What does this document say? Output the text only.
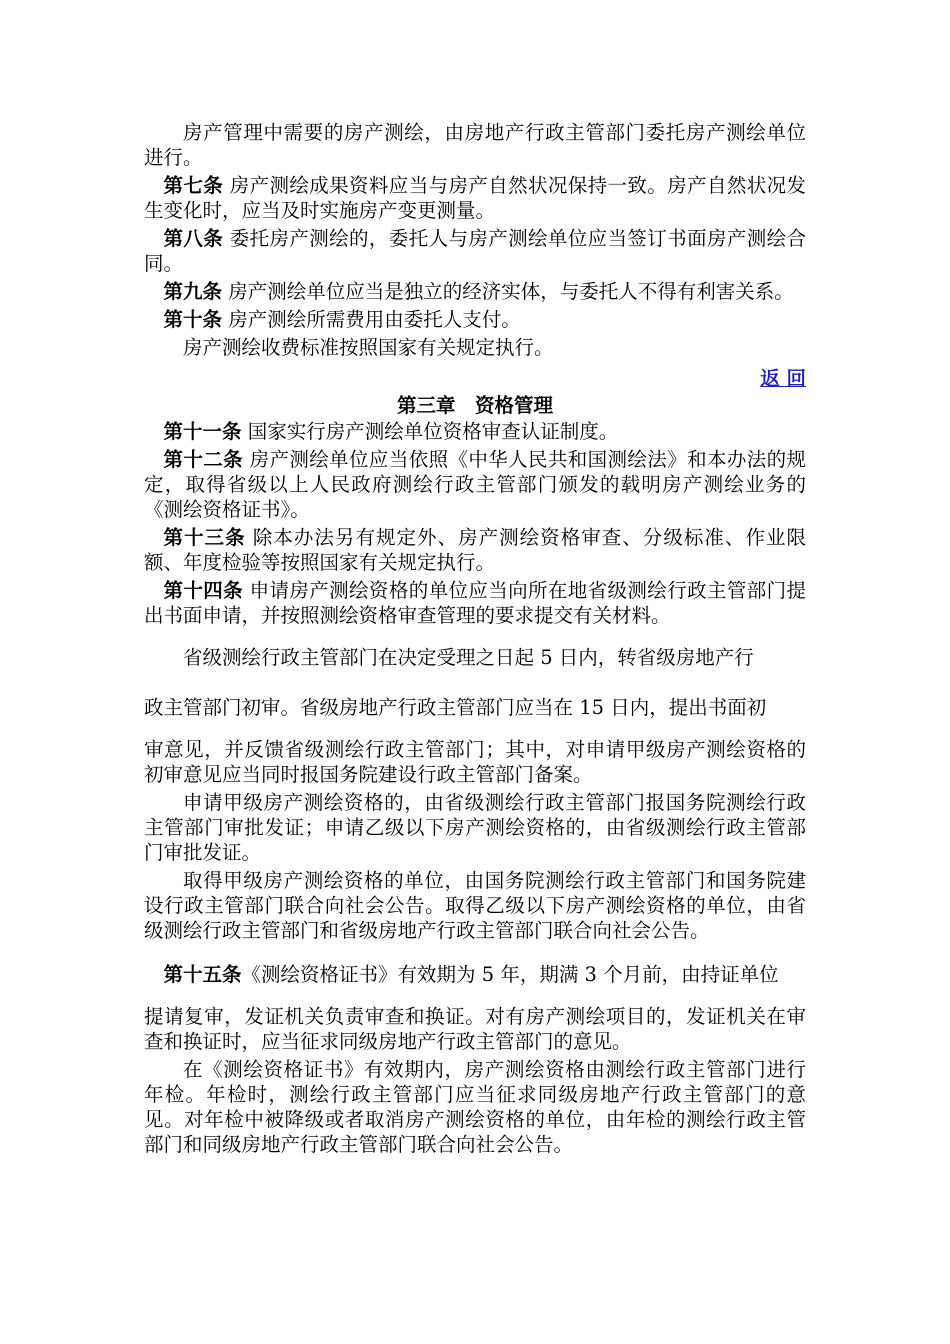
房产管理中需要的房产测绘，由房地产行政主管部门委托房产测绘单位进行。

第七条 房产测绘成果资料应当与房产自然状况保持一致。房产自然状况发生变化时，应当及时实施房产变更测量。

第八条 委托房产测绘的，委托人与房产测绘单位应当签订书面房产测绘合同。

第九条 房产测绘单位应当是独立的经济实体，与委托人不得有利害关系。

第十条 房产测绘所需费用由委托人支付。

房产测绘收费标准按照国家有关规定执行。

返 回
第三章　资格管理

第十一条 国家实行房产测绘单位资格审查认证制度。

第十二条 房产测绘单位应当依照《中华人民共和国测绘法》和本办法的规定，取得省级以上人民政府测绘行政主管部门颁发的载明房产测绘业务的《测绘资格证书》。

第十三条 除本办法另有规定外、房产测绘资格审查、分级标准、作业限额、年度检验等按照国家有关规定执行。

第十四条 申请房产测绘资格的单位应当向所在地省级测绘行政主管部门提出书面申请，并按照测绘资格审查管理的要求提交有关材料。

省级测绘行政主管部门在决定受理之日起 5 日内，转省级房地产行

政主管部门初审。省级房地产行政主管部门应当在 15 日内，提出书面初

审意见，并反馈省级测绘行政主管部门；其中，对申请甲级房产测绘资格的初审意见应当同时报国务院建设行政主管部门备案。

申请甲级房产测绘资格的，由省级测绘行政主管部门报国务院测绘行政主管部门审批发证；申请乙级以下房产测绘资格的，由省级测绘行政主管部门审批发证。

取得甲级房产测绘资格的单位，由国务院测绘行政主管部门和国务院建设行政主管部门联合向社会公告。取得乙级以下房产测绘资格的单位，由省级测绘行政主管部门和省级房地产行政主管部门联合向社会公告。

第十五条《测绘资格证书》有效期为 5 年，期满 3 个月前，由持证单位

提请复审，发证机关负责审查和换证。对有房产测绘项目的，发证机关在审查和换证时，应当征求同级房地产行政主管部门的意见。

在《测绘资格证书》有效期内，房产测绘资格由测绘行政主管部门进行年检。年检时，测绘行政主管部门应当征求同级房地产行政主管部门的意见。对年检中被降级或者取消房产测绘资格的单位，由年检的测绘行政主管部门和同级房地产行政主管部门联合向社会公告。
